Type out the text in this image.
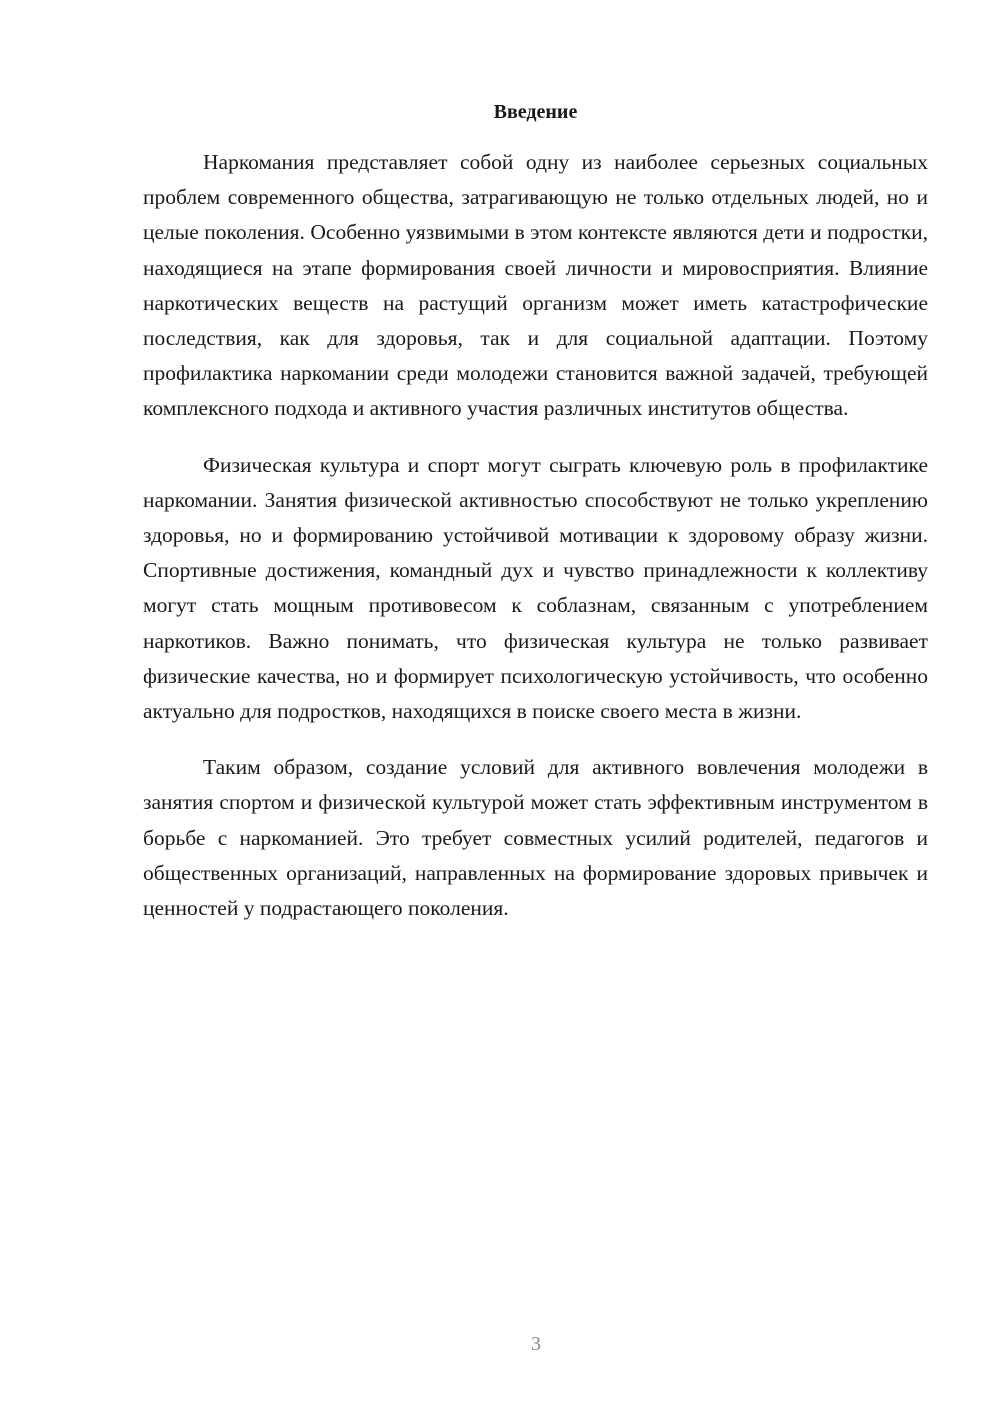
Введение

Наркомания представляет собой одну из наиболее серьезных социальных проблем современного общества, затрагивающую не только отдельных людей, но и целые поколения. Особенно уязвимыми в этом контексте являются дети и подростки, находящиеся на этапе формирования своей личности и мировосприятия. Влияние наркотических веществ на растущий организм может иметь катастрофические последствия, как для здоровья, так и для социальной адаптации. Поэтому профилактика наркомании среди молодежи становится важной задачей, требующей комплексного подхода и активного участия различных институтов общества.

Физическая культура и спорт могут сыграть ключевую роль в профилактике наркомании. Занятия физической активностью способствуют не только укреплению здоровья, но и формированию устойчивой мотивации к здоровому образу жизни. Спортивные достижения, командный дух и чувство принадлежности к коллективу могут стать мощным противовесом к соблазнам, связанным с употреблением наркотиков. Важно понимать, что физическая культура не только развивает физические качества, но и формирует психологическую устойчивость, что особенно актуально для подростков, находящихся в поиске своего места в жизни.

Таким образом, создание условий для активного вовлечения молодежи в занятия спортом и физической культурой может стать эффективным инструментом в борьбе с наркоманией. Это требует совместных усилий родителей, педагогов и общественных организаций, направленных на формирование здоровых привычек и ценностей у подрастающего поколения.

3
